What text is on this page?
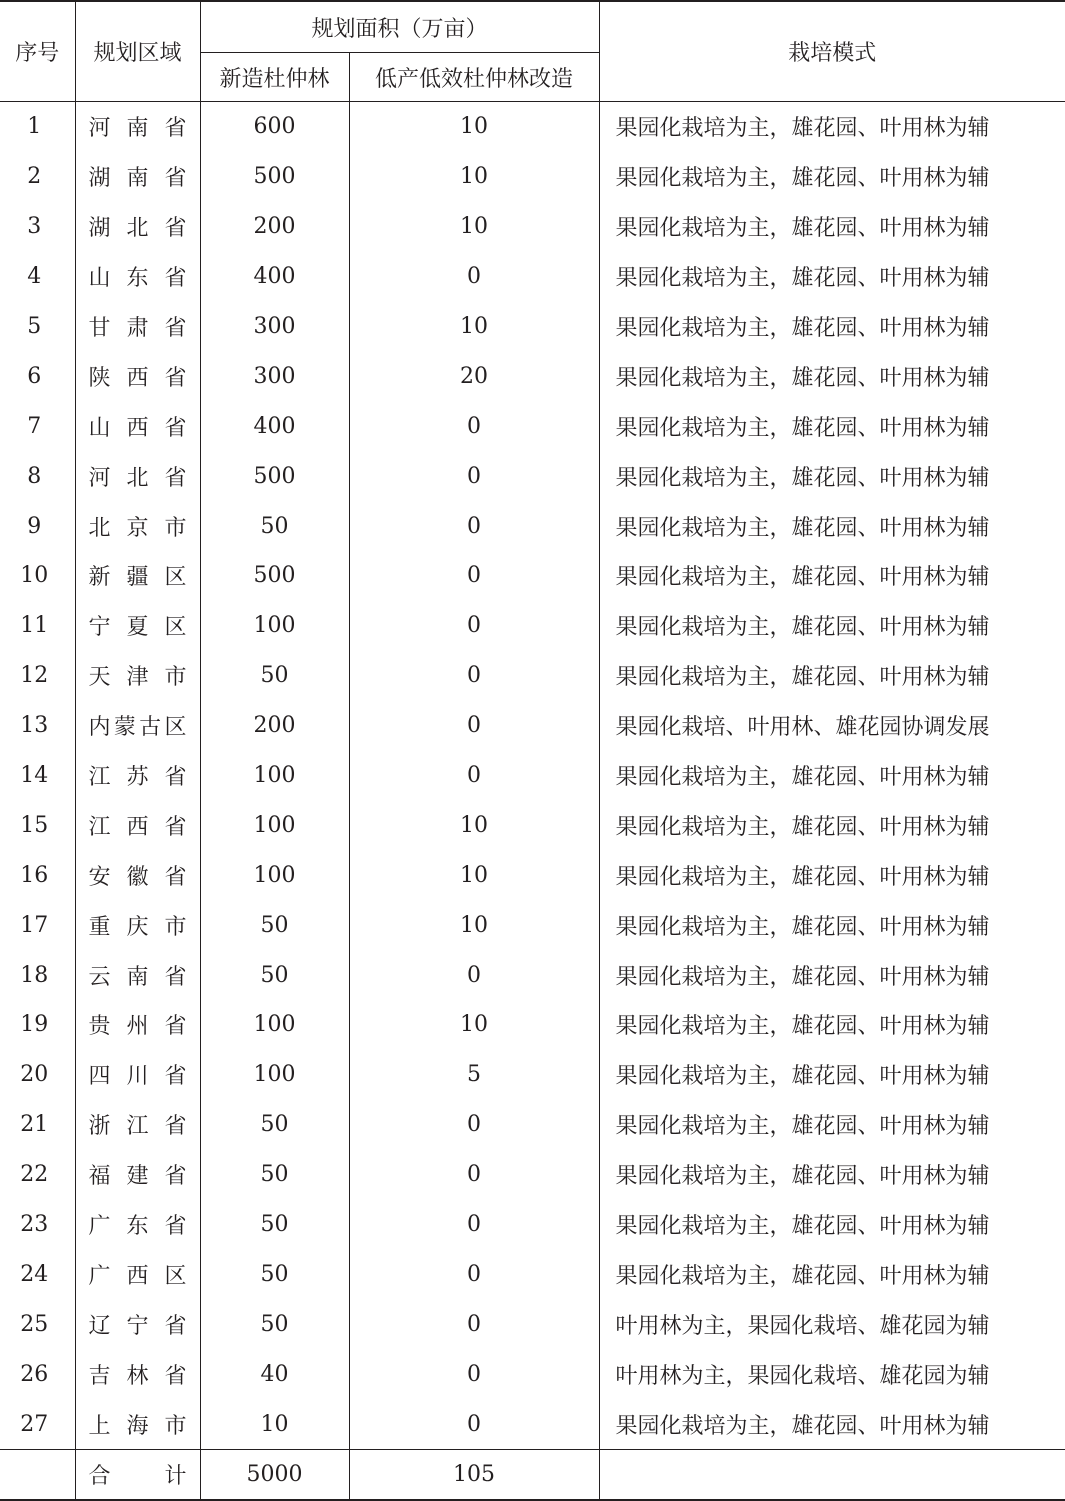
序号	规划区域	规划面积（万亩）		栽培模式
		新造杜仲林	低产低效杜仲林改造	
1	河南省	600	10	果园化栽培为主，雄花园、叶用林为辅
2	湖南省	500	10	果园化栽培为主，雄花园、叶用林为辅
3	湖北省	200	10	果园化栽培为主，雄花园、叶用林为辅
4	山东省	400	0	果园化栽培为主，雄花园、叶用林为辅
5	甘肃省	300	10	果园化栽培为主，雄花园、叶用林为辅
6	陕西省	300	20	果园化栽培为主，雄花园、叶用林为辅
7	山西省	400	0	果园化栽培为主，雄花园、叶用林为辅
8	河北省	500	0	果园化栽培为主，雄花园、叶用林为辅
9	北京市	50	0	果园化栽培为主，雄花园、叶用林为辅
10	新疆区	500	0	果园化栽培为主，雄花园、叶用林为辅
11	宁夏区	100	0	果园化栽培为主，雄花园、叶用林为辅
12	天津市	50	0	果园化栽培为主，雄花园、叶用林为辅
13	内蒙古区	200	0	果园化栽培、叶用林、雄花园协调发展
14	江苏省	100	0	果园化栽培为主，雄花园、叶用林为辅
15	江西省	100	10	果园化栽培为主，雄花园、叶用林为辅
16	安徽省	100	10	果园化栽培为主，雄花园、叶用林为辅
17	重庆市	50	10	果园化栽培为主，雄花园、叶用林为辅
18	云南省	50	0	果园化栽培为主，雄花园、叶用林为辅
19	贵州省	100	10	果园化栽培为主，雄花园、叶用林为辅
20	四川省	100	5	果园化栽培为主，雄花园、叶用林为辅
21	浙江省	50	0	果园化栽培为主，雄花园、叶用林为辅
22	福建省	50	0	果园化栽培为主，雄花园、叶用林为辅
23	广东省	50	0	果园化栽培为主，雄花园、叶用林为辅
24	广西区	50	0	果园化栽培为主，雄花园、叶用林为辅
25	辽宁省	50	0	叶用林为主，果园化栽培、雄花园为辅
26	吉林省	40	0	叶用林为主，果园化栽培、雄花园为辅
27	上海市	10	0	果园化栽培为主，雄花园、叶用林为辅
	合计	5000	105	
